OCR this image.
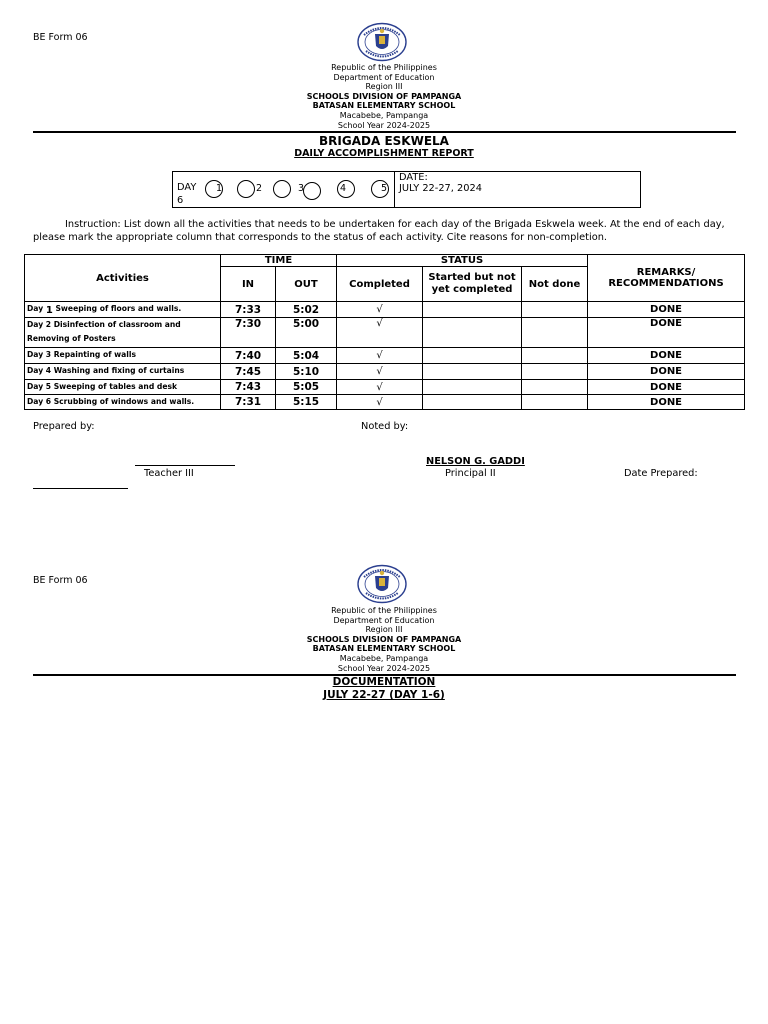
BE Form 06
Republic of the Philippines
Department of Education
Region III
SCHOOLS DIVISION OF PAMPANGA
BATASAN ELEMENTARY SCHOOL
Macabebe, Pampanga
School Year 2024-2025
BRIGADA ESKWELA
DAILY ACCOMPLISHMENT REPORT
DAY
6
1	2	3	4	5
DATE:
JULY 22-27, 2024
Instruction: List down all the activities that needs to be undertaken for each day of the Brigada Eskwela week. At the end of each day, please mark the appropriate column that corresponds to the status of each activity. Cite reasons for non-completion.
Activities	TIME		STATUS			REMARKS/ RECOMMENDATIONS
	IN	OUT	Completed	Started but not yet completed	Not done	
Day 1 Sweeping of floors and walls.	7:33	5:02	√			DONE
Day 2 Disinfection of classroom and Removing of Posters	7:30	5:00	√			DONE
Day 3 Repainting of walls	7:40	5:04	√			DONE
Day 4 Washing and fixing of curtains	7:45	5:10	√			DONE
Day 5 Sweeping of tables and desk	7:43	5:05	√			DONE
Day 6 Scrubbing of windows and walls.	7:31	5:15	√			DONE
Prepared by:	Noted by:
Teacher III
NELSON G. GADDI
Principal II	Date Prepared:
BE Form 06
Republic of the Philippines
Department of Education
Region III
SCHOOLS DIVISION OF PAMPANGA
BATASAN ELEMENTARY SCHOOL
Macabebe, Pampanga
School Year 2024-2025
DOCUMENTATION
JULY 22-27 (DAY 1-6)
